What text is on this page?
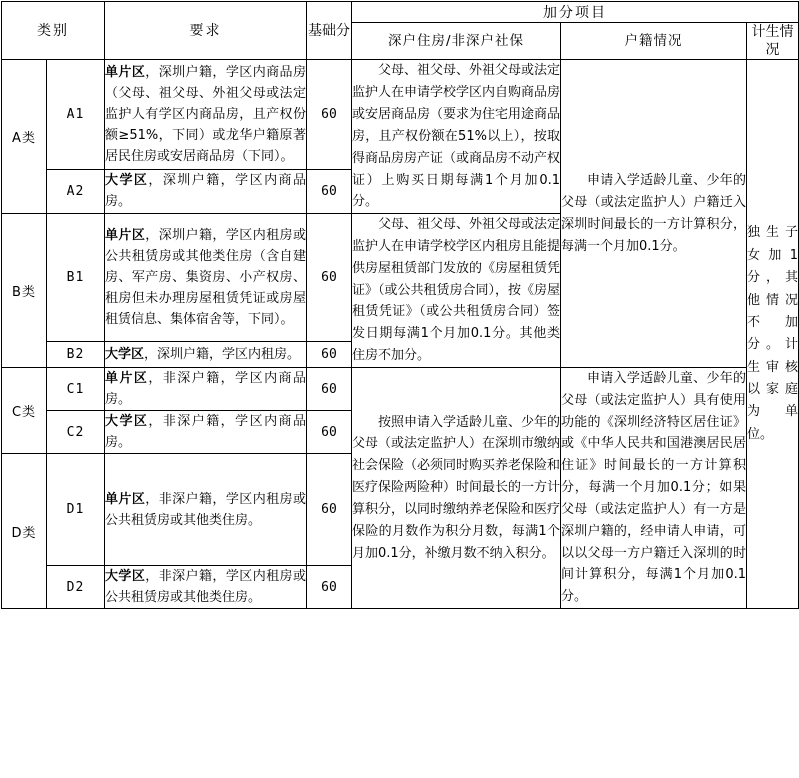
类别		要求	基础分	加分项目		
				深户住房/非深户社保	户籍情况	计生情况
A类	A1	单片区，深圳户籍，学区内商品房（父母、祖父母、外祖父母或法定监护人有学区内商品房，且产权份额≥51%，下同）或龙华户籍原著居民住房或安居商品房（下同）。	60	父母、祖父母、外祖父母或法定监护人在申请学校学区内自购商品房或安居商品房（要求为住宅用途商品房，且产权份额在51%以上），按取得商品房房产证（或商品房不动产权证）上购买日期每满1个月加0.1分。	申请入学适龄儿童、少年的父母（或法定监护人）户籍迁入深圳时间最长的一方计算积分，每满一个月加0.1分。	独生子女加1分，其他情况不加分。计生审核以家庭为单位。
	A2	大学区，深圳户籍，学区内商品房。	60			
B类	B1	单片区，深圳户籍，学区内租房或公共租赁房或其他类住房（含自建房、军产房、集资房、小产权房、租房但未办理房屋租赁凭证或房屋租赁信息、集体宿舍等，下同）。	60	父母、祖父母、外祖父母或法定监护人在申请学校学区内租房且能提供房屋租赁部门发放的《房屋租赁凭证》（或公共租赁房合同），按《房屋租赁凭证》（或公共租赁房合同）签发日期每满1个月加0.1分。其他类住房不加分。		
	B2	大学区，深圳户籍，学区内租房。	60			
C类	C1	单片区，非深户籍，学区内商品房。	60	按照申请入学适龄儿童、少年的父母（或法定监护人）在深圳市缴纳社会保险（必须同时购买养老保险和医疗保险两险种）时间最长的一方计算积分，以同时缴纳养老保险和医疗保险的月数作为积分月数，每满1个月加0.1分，补缴月数不纳入积分。	申请入学适龄儿童、少年的父母（或法定监护人）具有使用功能的《深圳经济特区居住证》或《中华人民共和国港澳居民居住证》时间最长的一方计算积分，每满一个月加0.1分；如果父母（或法定监护人）有一方是深圳户籍的，经申请人申请，可以以父母一方户籍迁入深圳的时间计算积分，每满1个月加0.1分。	
	C2	大学区，非深户籍，学区内商品房。	60			
D类	D1	单片区，非深户籍，学区内租房或公共租赁房或其他类住房。	60			
	D2	大学区，非深户籍，学区内租房或公共租赁房或其他类住房。	60			
